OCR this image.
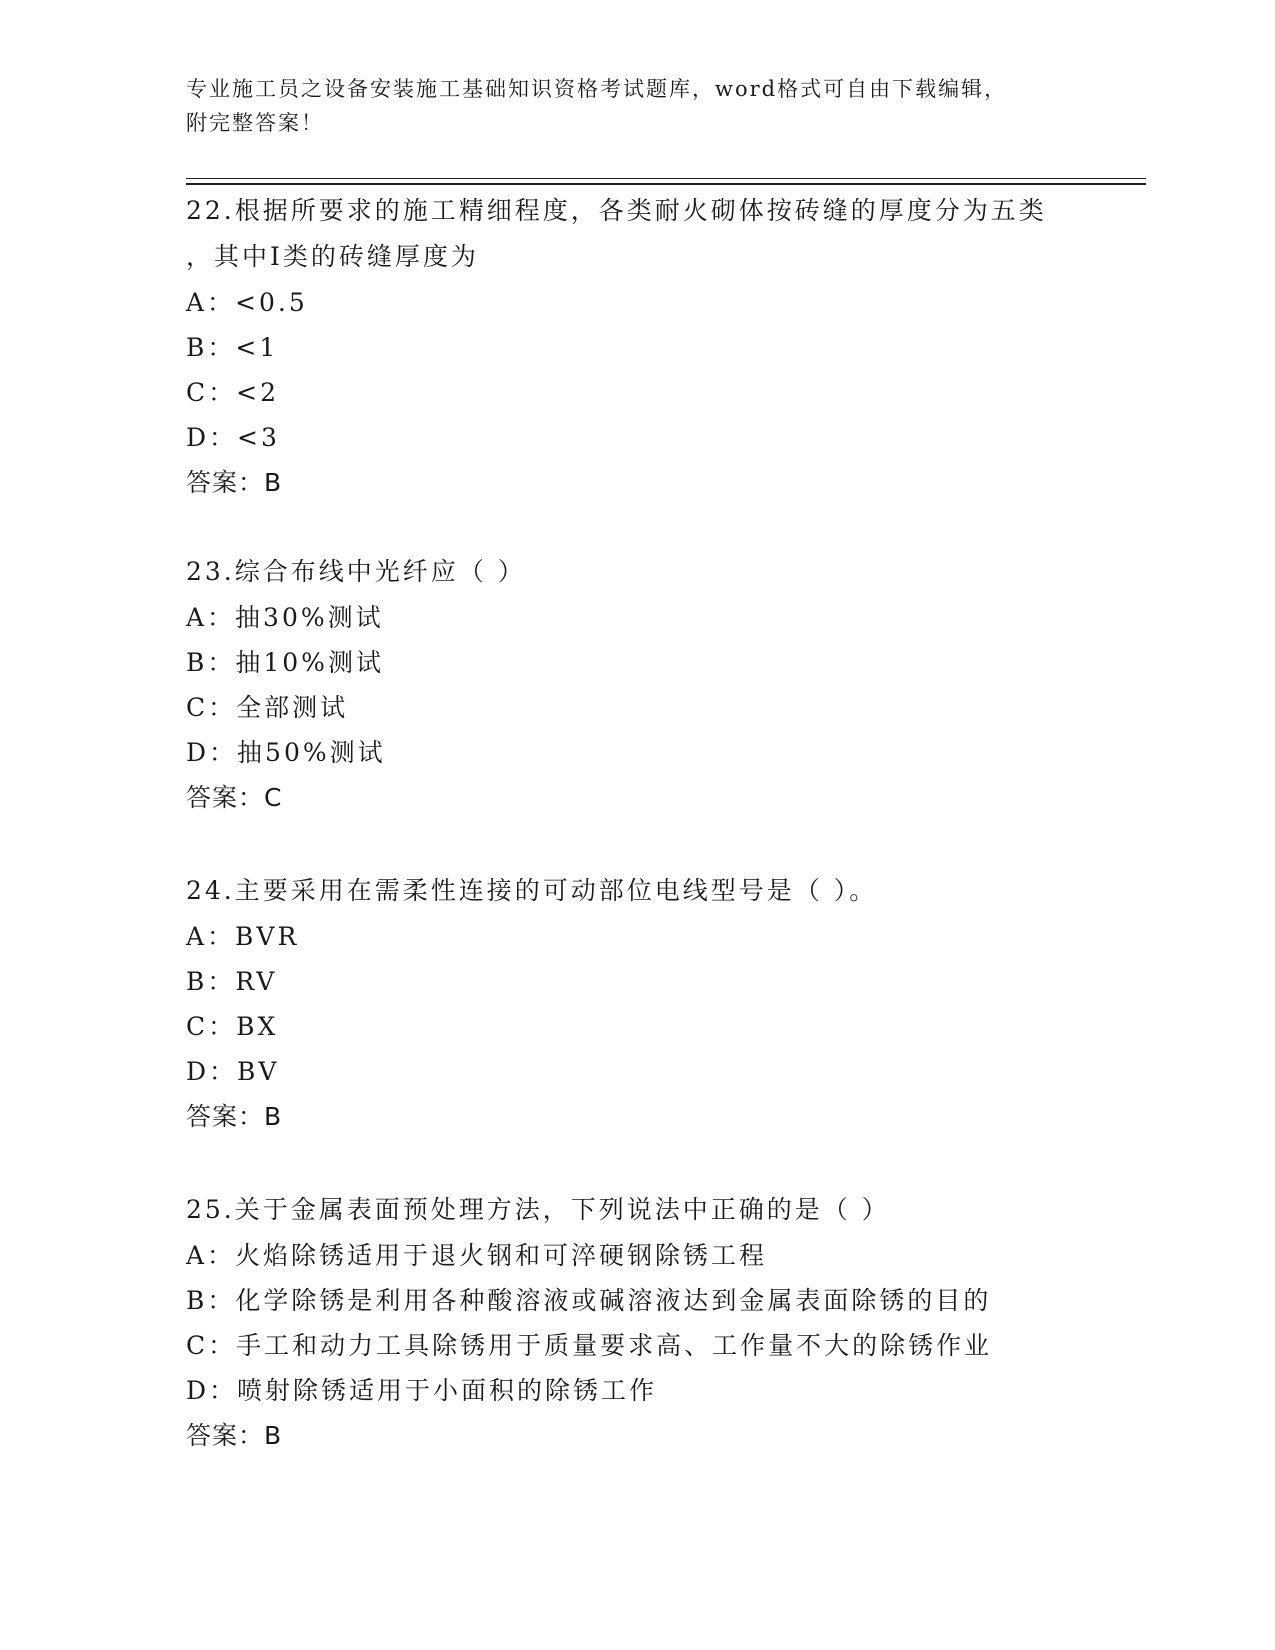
专业施工员之设备安装施工基础知识资格考试题库，word格式可自由下载编辑，
附完整答案！

22.根据所要求的施工精细程度，各类耐火砌体按砖缝的厚度分为五类

，其中Ⅰ类的砖缝厚度为

A：<0.5

B：<1

C：<2

D：<3

答案：B

23.综合布线中光纤应（ ）

A：抽30%测试

B：抽10%测试

C：全部测试

D：抽50%测试

答案：C

24.主要采用在需柔性连接的可动部位电线型号是（ ）。

A：BVR

B：RV

C：BX

D：BV

答案：B

25.关于金属表面预处理方法，下列说法中正确的是（ ）

A：火焰除锈适用于退火钢和可淬硬钢除锈工程

B：化学除锈是利用各种酸溶液或碱溶液达到金属表面除锈的目的

C：手工和动力工具除锈用于质量要求高、工作量不大的除锈作业

D：喷射除锈适用于小面积的除锈工作

答案：B
